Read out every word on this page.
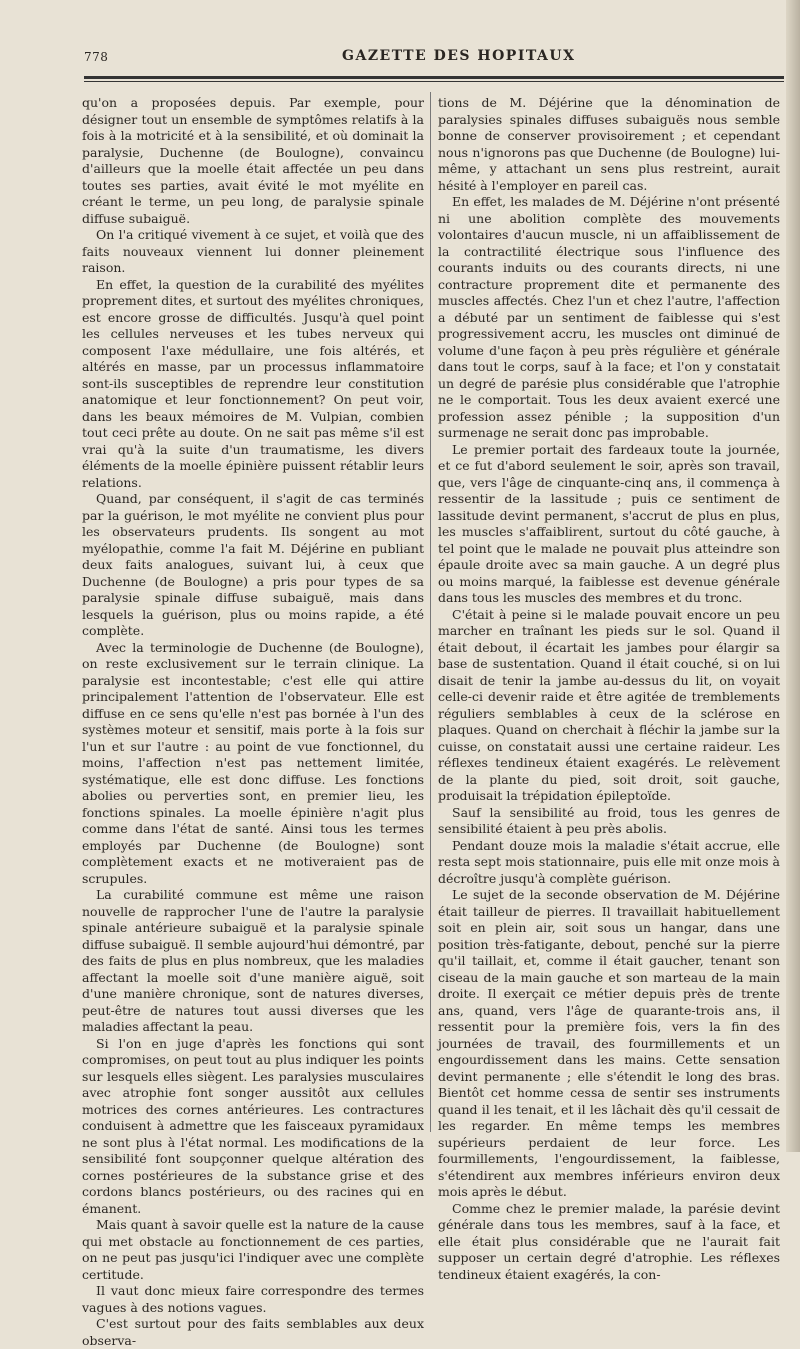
778	GAZETTE DES HOPITAUX

qu'on a proposées depuis. Par exemple, pour désigner tout un ensemble de symptômes relatifs à la fois à la motricité et à la sensibilité, et où dominait la paralysie, Duchenne (de Boulogne), convaincu d'ailleurs que la moelle était affectée un peu dans toutes ses parties, avait évité le mot myélite en créant le terme, un peu long, de paralysie spinale diffuse subaiguë.

On l'a critiqué vivement à ce sujet, et voilà que des faits nouveaux viennent lui donner pleinement raison.

En effet, la question de la curabilité des myélites proprement dites, et surtout des myélites chroniques, est encore grosse de difficultés. Jusqu'à quel point les cellules nerveuses et les tubes nerveux qui composent l'axe médullaire, une fois altérés, et altérés en masse, par un processus inflammatoire sont-ils susceptibles de reprendre leur constitution anatomique et leur fonctionnement? On peut voir, dans les beaux mémoires de M. Vulpian, combien tout ceci prête au doute. On ne sait pas même s'il est vrai qu'à la suite d'un traumatisme, les divers éléments de la moelle épinière puissent rétablir leurs relations.

Quand, par conséquent, il s'agit de cas terminés par la guérison, le mot myélite ne convient plus pour les observateurs prudents. Ils songent au mot myélopathie, comme l'a fait M. Déjérine en publiant deux faits analogues, suivant lui, à ceux que Duchenne (de Boulogne) a pris pour types de sa paralysie spinale diffuse subaiguë, mais dans lesquels la guérison, plus ou moins rapide, a été complète.

Avec la terminologie de Duchenne (de Boulogne), on reste exclusivement sur le terrain clinique. La paralysie est incontestable; c'est elle qui attire principalement l'attention de l'observateur. Elle est diffuse en ce sens qu'elle n'est pas bornée à l'un des systèmes moteur et sensitif, mais porte à la fois sur l'un et sur l'autre : au point de vue fonctionnel, du moins, l'affection n'est pas nettement limitée, systématique, elle est donc diffuse. Les fonctions abolies ou perverties sont, en premier lieu, les fonctions spinales. La moelle épinière n'agit plus comme dans l'état de santé. Ainsi tous les termes employés par Duchenne (de Boulogne) sont complètement exacts et ne motiveraient pas de scrupules.

La curabilité commune est même une raison nouvelle de rapprocher l'une de l'autre la paralysie spinale antérieure subaiguë et la paralysie spinale diffuse subaiguë. Il semble aujourd'hui démontré, par des faits de plus en plus nombreux, que les maladies affectant la moelle soit d'une manière aiguë, soit d'une manière chronique, sont de natures diverses, peut-être de natures tout aussi diverses que les maladies affectant la peau.

Si l'on en juge d'après les fonctions qui sont compromises, on peut tout au plus indiquer les points sur lesquels elles siègent. Les paralysies musculaires avec atrophie font songer aussitôt aux cellules motrices des cornes antérieures. Les contractures conduisent à admettre que les faisceaux pyramidaux ne sont plus à l'état normal. Les modifications de la sensibilité font soupçonner quelque altération des cornes postérieures de la substance grise et des cordons blancs postérieurs, ou des racines qui en émanent.

Mais quant à savoir quelle est la nature de la cause qui met obstacle au fonctionnement de ces parties, on ne peut pas jusqu'ici l'indiquer avec une complète certitude.

Il vaut donc mieux faire correspondre des termes vagues à des notions vagues.

C'est surtout pour des faits semblables aux deux observa-

tions de M. Déjérine que la dénomination de paralysies spinales diffuses subaiguës nous semble bonne de conserver provisoirement ; et cependant nous n'ignorons pas que Duchenne (de Boulogne) lui-même, y attachant un sens plus restreint, aurait hésité à l'employer en pareil cas.

En effet, les malades de M. Déjérine n'ont présenté ni une abolition complète des mouvements volontaires d'aucun muscle, ni un affaiblissement de la contractilité électrique sous l'influence des courants induits ou des courants directs, ni une contracture proprement dite et permanente des muscles affectés. Chez l'un et chez l'autre, l'affection a débuté par un sentiment de faiblesse qui s'est progressivement accru, les muscles ont diminué de volume d'une façon à peu près régulière et générale dans tout le corps, sauf à la face; et l'on y constatait un degré de parésie plus considérable que l'atrophie ne le comportait. Tous les deux avaient exercé une profession assez pénible ; la supposition d'un surmenage ne serait donc pas improbable.

Le premier portait des fardeaux toute la journée, et ce fut d'abord seulement le soir, après son travail, que, vers l'âge de cinquante-cinq ans, il commença à ressentir de la lassitude ; puis ce sentiment de lassitude devint permanent, s'accrut de plus en plus, les muscles s'affaiblirent, surtout du côté gauche, à tel point que le malade ne pouvait plus atteindre son épaule droite avec sa main gauche. A un degré plus ou moins marqué, la faiblesse est devenue générale dans tous les muscles des membres et du tronc.

C'était à peine si le malade pouvait encore un peu marcher en traînant les pieds sur le sol. Quand il était debout, il écartait les jambes pour élargir sa base de sustentation. Quand il était couché, si on lui disait de tenir la jambe au-dessus du lit, on voyait celle-ci devenir raide et être agitée de tremblements réguliers semblables à ceux de la sclérose en plaques. Quand on cherchait à fléchir la jambe sur la cuisse, on constatait aussi une certaine raideur. Les réflexes tendineux étaient exagérés. Le relèvement de la plante du pied, soit droit, soit gauche, produisait la trépidation épileptoïde.

Sauf la sensibilité au froid, tous les genres de sensibilité étaient à peu près abolis.

Pendant douze mois la maladie s'était accrue, elle resta sept mois stationnaire, puis elle mit onze mois à décroître jusqu'à complète guérison.

Le sujet de la seconde observation de M. Déjérine était tailleur de pierres. Il travaillait habituellement soit en plein air, soit sous un hangar, dans une position très-fatigante, debout, penché sur la pierre qu'il taillait, et, comme il était gaucher, tenant son ciseau de la main gauche et son marteau de la main droite. Il exerçait ce métier depuis près de trente ans, quand, vers l'âge de quarante-trois ans, il ressentit pour la première fois, vers la fin des journées de travail, des fourmillements et un engourdissement dans les mains. Cette sensation devint permanente ; elle s'étendit le long des bras. Bientôt cet homme cessa de sentir ses instruments quand il les tenait, et il les lâchait dès qu'il cessait de les regarder. En même temps les membres supérieurs perdaient de leur force. Les fourmillements, l'engourdissement, la faiblesse, s'étendirent aux membres inférieurs environ deux mois après le début.

Comme chez le premier malade, la parésie devint générale dans tous les membres, sauf à la face, et elle était plus considérable que ne l'aurait fait supposer un certain degré d'atrophie. Les réflexes tendineux étaient exagérés, la con-
